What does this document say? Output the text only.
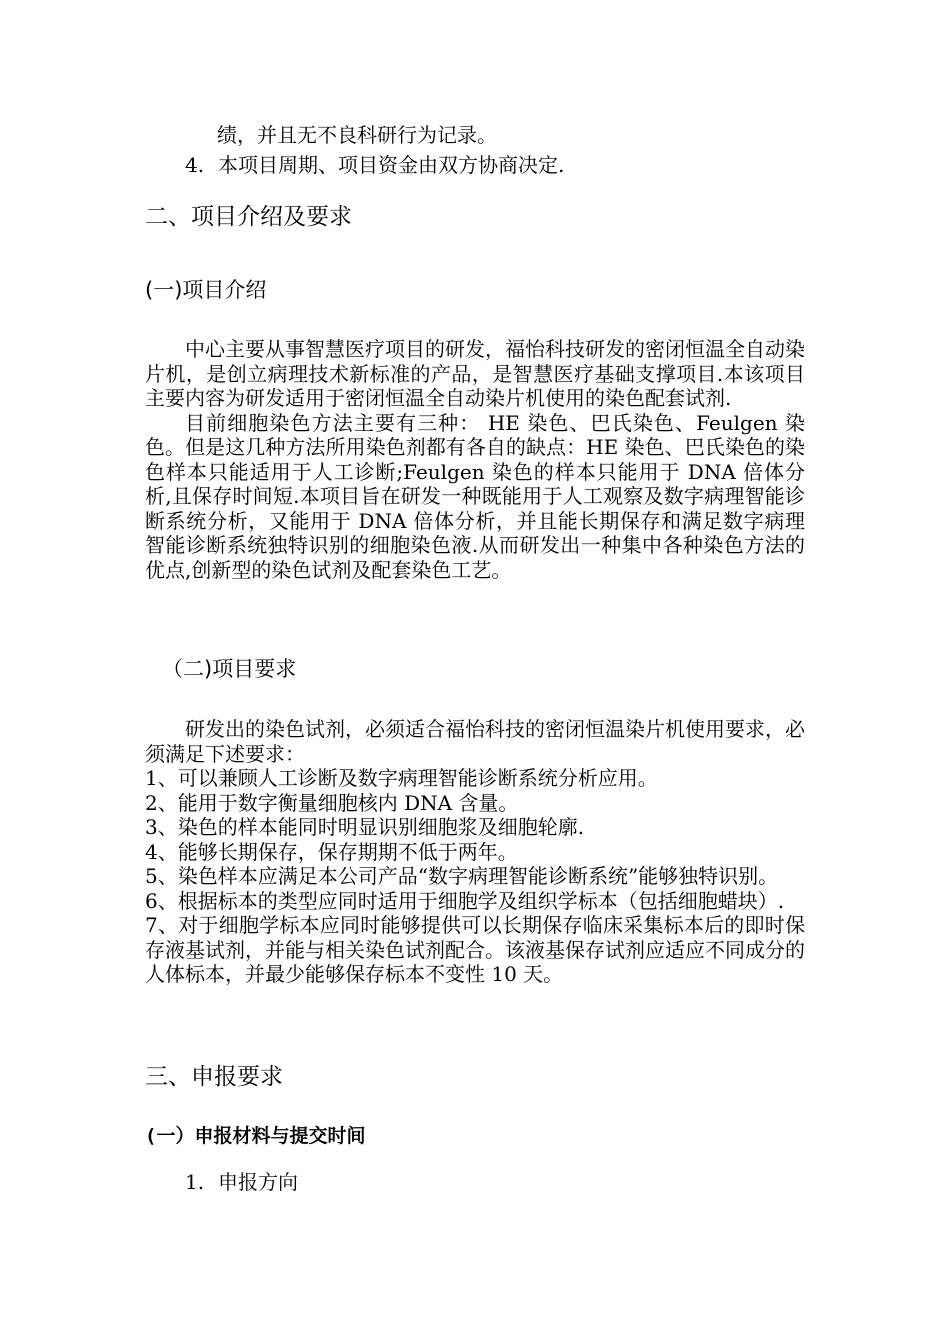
绩，并且无不良科研行为记录。
4. 本项目周期、项目资金由双方协商决定.
二、项目介绍及要求
(一)项目介绍

中心主要从事智慧医疗项目的研发，福怡科技研发的密闭恒温全自动染片机，是创立病理技术新标准的产品，是智慧医疗基础支撑项目.本该项目主要内容为研发适用于密闭恒温全自动染片机使用的染色配套试剂.

目前细胞染色方法主要有三种： HE 染色、巴氏染色、Feulgen 染色。但是这几种方法所用染色剂都有各自的缺点：HE 染色、巴氏染色的染色样本只能适用于人工诊断;Feulgen 染色的样本只能用于 DNA 倍体分析,且保存时间短.本项目旨在研发一种既能用于人工观察及数字病理智能诊断系统分析，又能用于 DNA 倍体分析，并且能长期保存和满足数字病理智能诊断系统独特识别的细胞染色液.从而研发出一种集中各种染色方法的优点,创新型的染色试剂及配套染色工艺。

（二)项目要求

研发出的染色试剂，必须适合福怡科技的密闭恒温染片机使用要求，必须满足下述要求：

1、可以兼顾人工诊断及数字病理智能诊断系统分析应用。

2、能用于数字衡量细胞核内 DNA 含量。

3、染色的样本能同时明显识别细胞浆及细胞轮廓.

4、能够长期保存，保存期期不低于两年。

5、染色样本应满足本公司产品“数字病理智能诊断系统”能够独特识别。

6、根据标本的类型应同时适用于细胞学及组织学标本（包括细胞蜡块）.

7、对于细胞学标本应同时能够提供可以长期保存临床采集标本后的即时保存液基试剂，并能与相关染色试剂配合。该液基保存试剂应适应不同成分的人体标本，并最少能够保存标本不变性 10 天。

三、申报要求
(一）申报材料与提交时间
1. 申报方向
